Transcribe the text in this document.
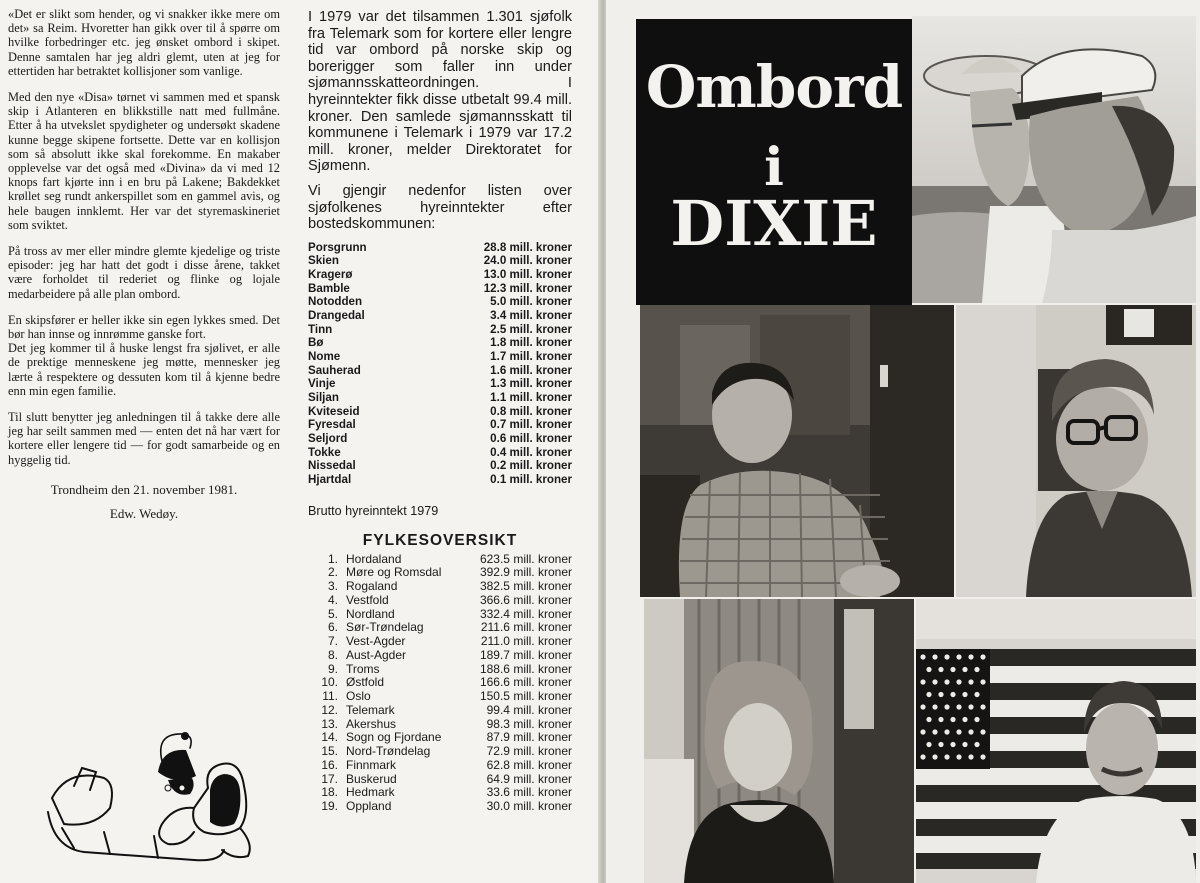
«Det er slikt som hender, og vi snakker ikke mere om det» sa Reim. Hvoretter han gikk over til å spørre om hvilke forbedringer etc. jeg ønsket ombord i skipet. Denne samtalen har jeg aldri glemt, uten at jeg for ettertiden har betraktet kollisjoner som vanlige.

Med den nye «Disa» tørnet vi sammen med et spansk skip i Atlanteren en blikkstille natt med fullmåne. Etter å ha utvekslet spydigheter og undersøkt skadene kunne begge skipene fortsette. Dette var en kollisjon som så absolutt ikke skal forekomme. En makaber opplevelse var det også med «Divina» da vi med 12 knops fart kjørte inn i en bru på Lakene; Bakdekket krøllet seg rundt ankerspillet som en gammel avis, og hele baugen innklemt. Her var det styremaskineriet som sviktet.

På tross av mer eller mindre glemte kjedelige og triste episoder: jeg har hatt det godt i disse årene, takket være forholdet til rederiet og flinke og lojale medarbeidere på alle plan ombord.

En skipsfører er heller ikke sin egen lykkes smed. Det bør han innse og innrømme ganske fort.

Det jeg kommer til å huske lengst fra sjølivet, er alle de prektige menneskene jeg møtte, mennesker jeg lærte å respektere og dessuten kom til å kjenne bedre enn min egen familie.

Til slutt benytter jeg anledningen til å takke dere alle jeg har seilt sammen med — enten det nå har vært for kortere eller lengere tid — for godt samarbeide og en hyggelig tid.

Trondheim den 21. november 1981.
Edw. Wedøy.

I 1979 var det tilsammen 1.301 sjøfolk fra Telemark som for kortere eller lengre tid var ombord på norske skip og borerigger som faller inn under sjømannsskatteordningen. I hyreinntekter fikk disse utbetalt 99.4 mill. kroner. Den samlede sjømannsskatt til kommunene i Telemark i 1979 var 17.2 mill. kroner, melder Direktoratet for Sjømenn.

Vi gjengir nedenfor listen over sjøfolkenes hyreinntekter efter bostedskommunen:

Porsgrunn	28.8 mill. kroner
Skien	24.0 mill. kroner
Kragerø	13.0 mill. kroner
Bamble	12.3 mill. kroner
Notodden	5.0 mill. kroner
Drangedal	3.4 mill. kroner
Tinn	2.5 mill. kroner
Bø	1.8 mill. kroner
Nome	1.7 mill. kroner
Sauherad	1.6 mill. kroner
Vinje	1.3 mill. kroner
Siljan	1.1 mill. kroner
Kviteseid	0.8 mill. kroner
Fyresdal	0.7 mill. kroner
Seljord	0.6 mill. kroner
Tokke	0.4 mill. kroner
Nissedal	0.2 mill. kroner
Hjartdal	0.1 mill. kroner
Brutto hyreinntekt 1979
FYLKESOVERSIKT
1.	Hordaland	623.5 mill. kroner
2.	Møre og Romsdal	392.9 mill. kroner
3.	Rogaland	382.5 mill. kroner
4.	Vestfold	366.6 mill. kroner
5.	Nordland	332.4 mill. kroner
6.	Sør-Trøndelag	211.6 mill. kroner
7.	Vest-Agder	211.0 mill. kroner
8.	Aust-Agder	189.7 mill. kroner
9.	Troms	188.6 mill. kroner
10.	Østfold	166.6 mill. kroner
11.	Oslo	150.5 mill. kroner
12.	Telemark	99.4 mill. kroner
13.	Akershus	98.3 mill. kroner
14.	Sogn og Fjordane	87.9 mill. kroner
15.	Nord-Trøndelag	72.9 mill. kroner
16.	Finnmark	62.8 mill. kroner
17.	Buskerud	64.9 mill. kroner
18.	Hedmark	33.6 mill. kroner
19.	Oppland	30.0 mill. kroner
Ombord
i
DIXIE
